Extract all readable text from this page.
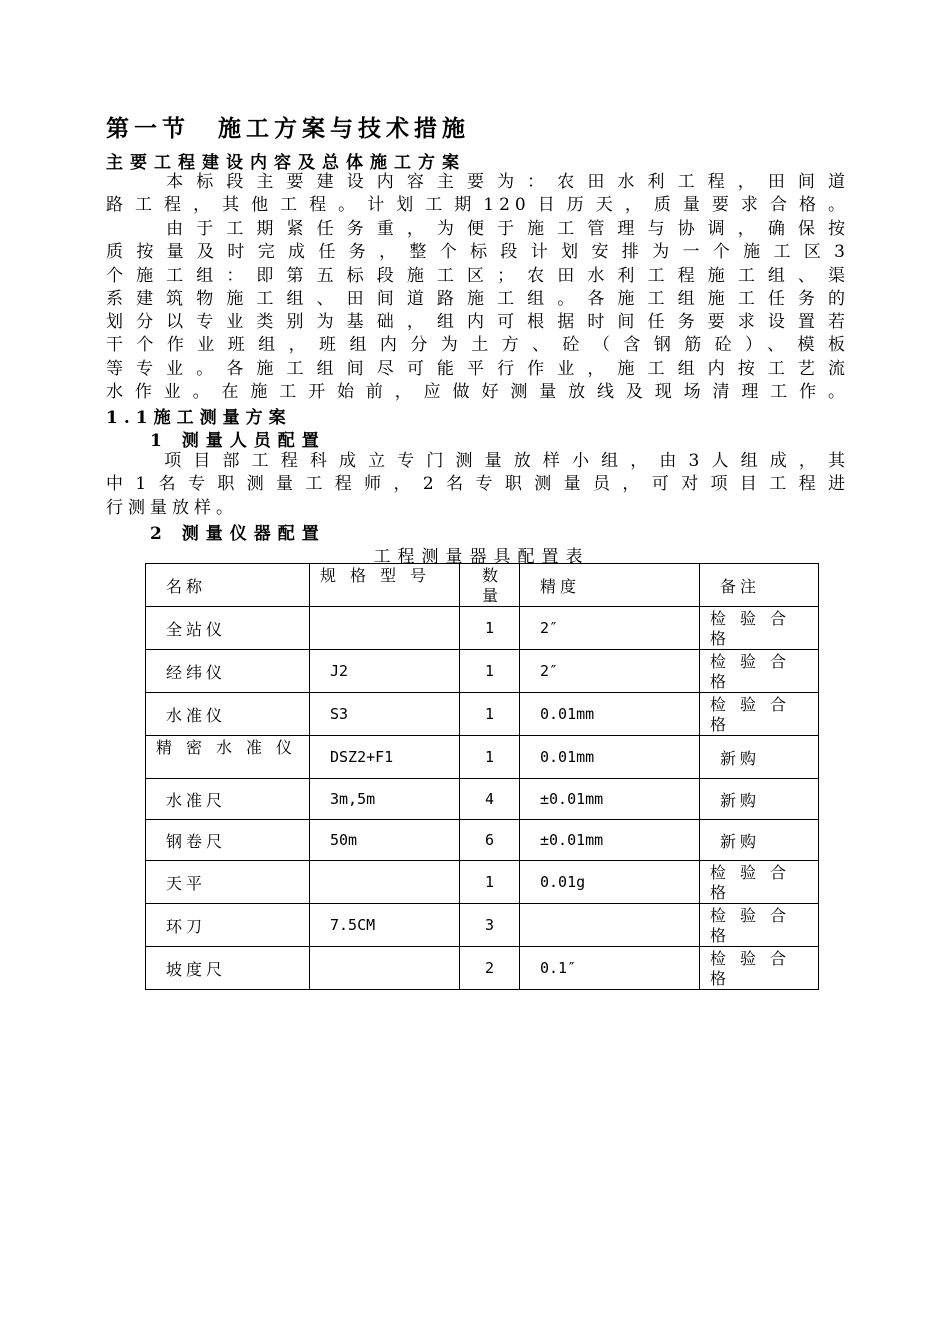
第一节　施工方案与技术措施
主要工程建设内容及总体施工方案
　　本标段主要建设内容主要为：农田水利工程，田间道
路工程，其他工程。计划工期120日历天，质量要求合格。
　　由于工期紧任务重，为便于施工管理与协调，确保按
质按量及时完成任务，整个标段计划安排为一个施工区3
个施工组：即第五标段施工区；农田水利工程施工组、渠
系建筑物施工组、田间道路施工组。各施工组施工任务的
划分以专业类别为基础，组内可根据时间任务要求设置若
干个作业班组，班组内分为土方、砼（含钢筋砼）、模板
等专业。各施工组间尽可能平行作业，施工组内按工艺流
水作业。在施工开始前，应做好测量放线及现场清理工作。
1.1施工测量方案
1 测量人员配置
　　项目部工程科成立专门测量放样小组，由3人组成，其
中1名专职测量工程师，2名专职测量员，可对项目工程进
行测量放样。
2 测量仪器配置
工程测量器具配置表
名称	规格型号	数量	精度	备注
全站仪		1	2″	检验合格
经纬仪	J2	1	2″	检验合格
水准仪	S3	1	0.01mm	检验合格
精密水准仪	DSZ2+F1	1	0.01mm	新购
水准尺	3m,5m	4	±0.01mm	新购
钢卷尺	50m	6	±0.01mm	新购
天平		1	0.01g	检验合格
环刀	7.5CM	3		检验合格
坡度尺		2	0.1″	检验合格
